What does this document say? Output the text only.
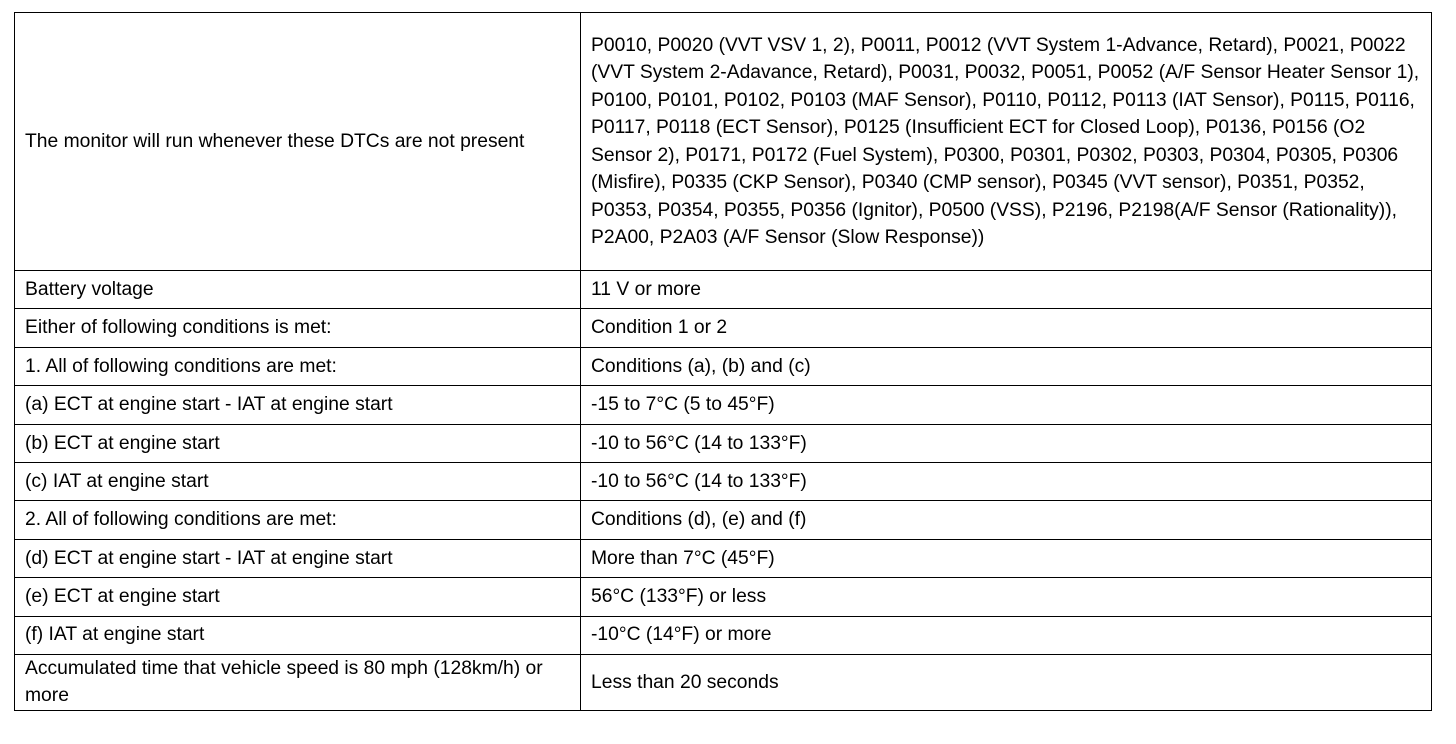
The monitor will run whenever these DTCs are not present	P0010, P0020 (VVT VSV 1, 2), P0011, P0012 (VVT System 1-Advance, Retard), P0021, P0022 (VVT System 2-Adavance, Retard), P0031, P0032, P0051, P0052 (A/F Sensor Heater Sensor 1), P0100, P0101, P0102, P0103 (MAF Sensor), P0110, P0112, P0113 (IAT Sensor), P0115, P0116, P0117, P0118 (ECT Sensor), P0125 (Insufficient ECT for Closed Loop), P0136, P0156 (O2 Sensor 2), P0171, P0172 (Fuel System), P0300, P0301, P0302, P0303, P0304, P0305, P0306 (Misfire), P0335 (CKP Sensor), P0340 (CMP sensor), P0345 (VVT sensor), P0351, P0352, P0353, P0354, P0355, P0356 (Ignitor), P0500 (VSS), P2196, P2198(A/F Sensor (Rationality)), P2A00, P2A03 (A/F Sensor (Slow Response))
Battery voltage	11 V or more
Either of following conditions is met:	Condition 1 or 2
1. All of following conditions are met:	Conditions (a), (b) and (c)
(a) ECT at engine start - IAT at engine start	-15 to 7°C (5 to 45°F)
(b) ECT at engine start	-10 to 56°C (14 to 133°F)
(c) IAT at engine start	-10 to 56°C (14 to 133°F)
2. All of following conditions are met:	Conditions (d), (e) and (f)
(d) ECT at engine start - IAT at engine start	More than 7°C (45°F)
(e) ECT at engine start	56°C (133°F) or less
(f) IAT at engine start	-10°C (14°F) or more
Accumulated time that vehicle speed is 80 mph (128km/h) or more	Less than 20 seconds
